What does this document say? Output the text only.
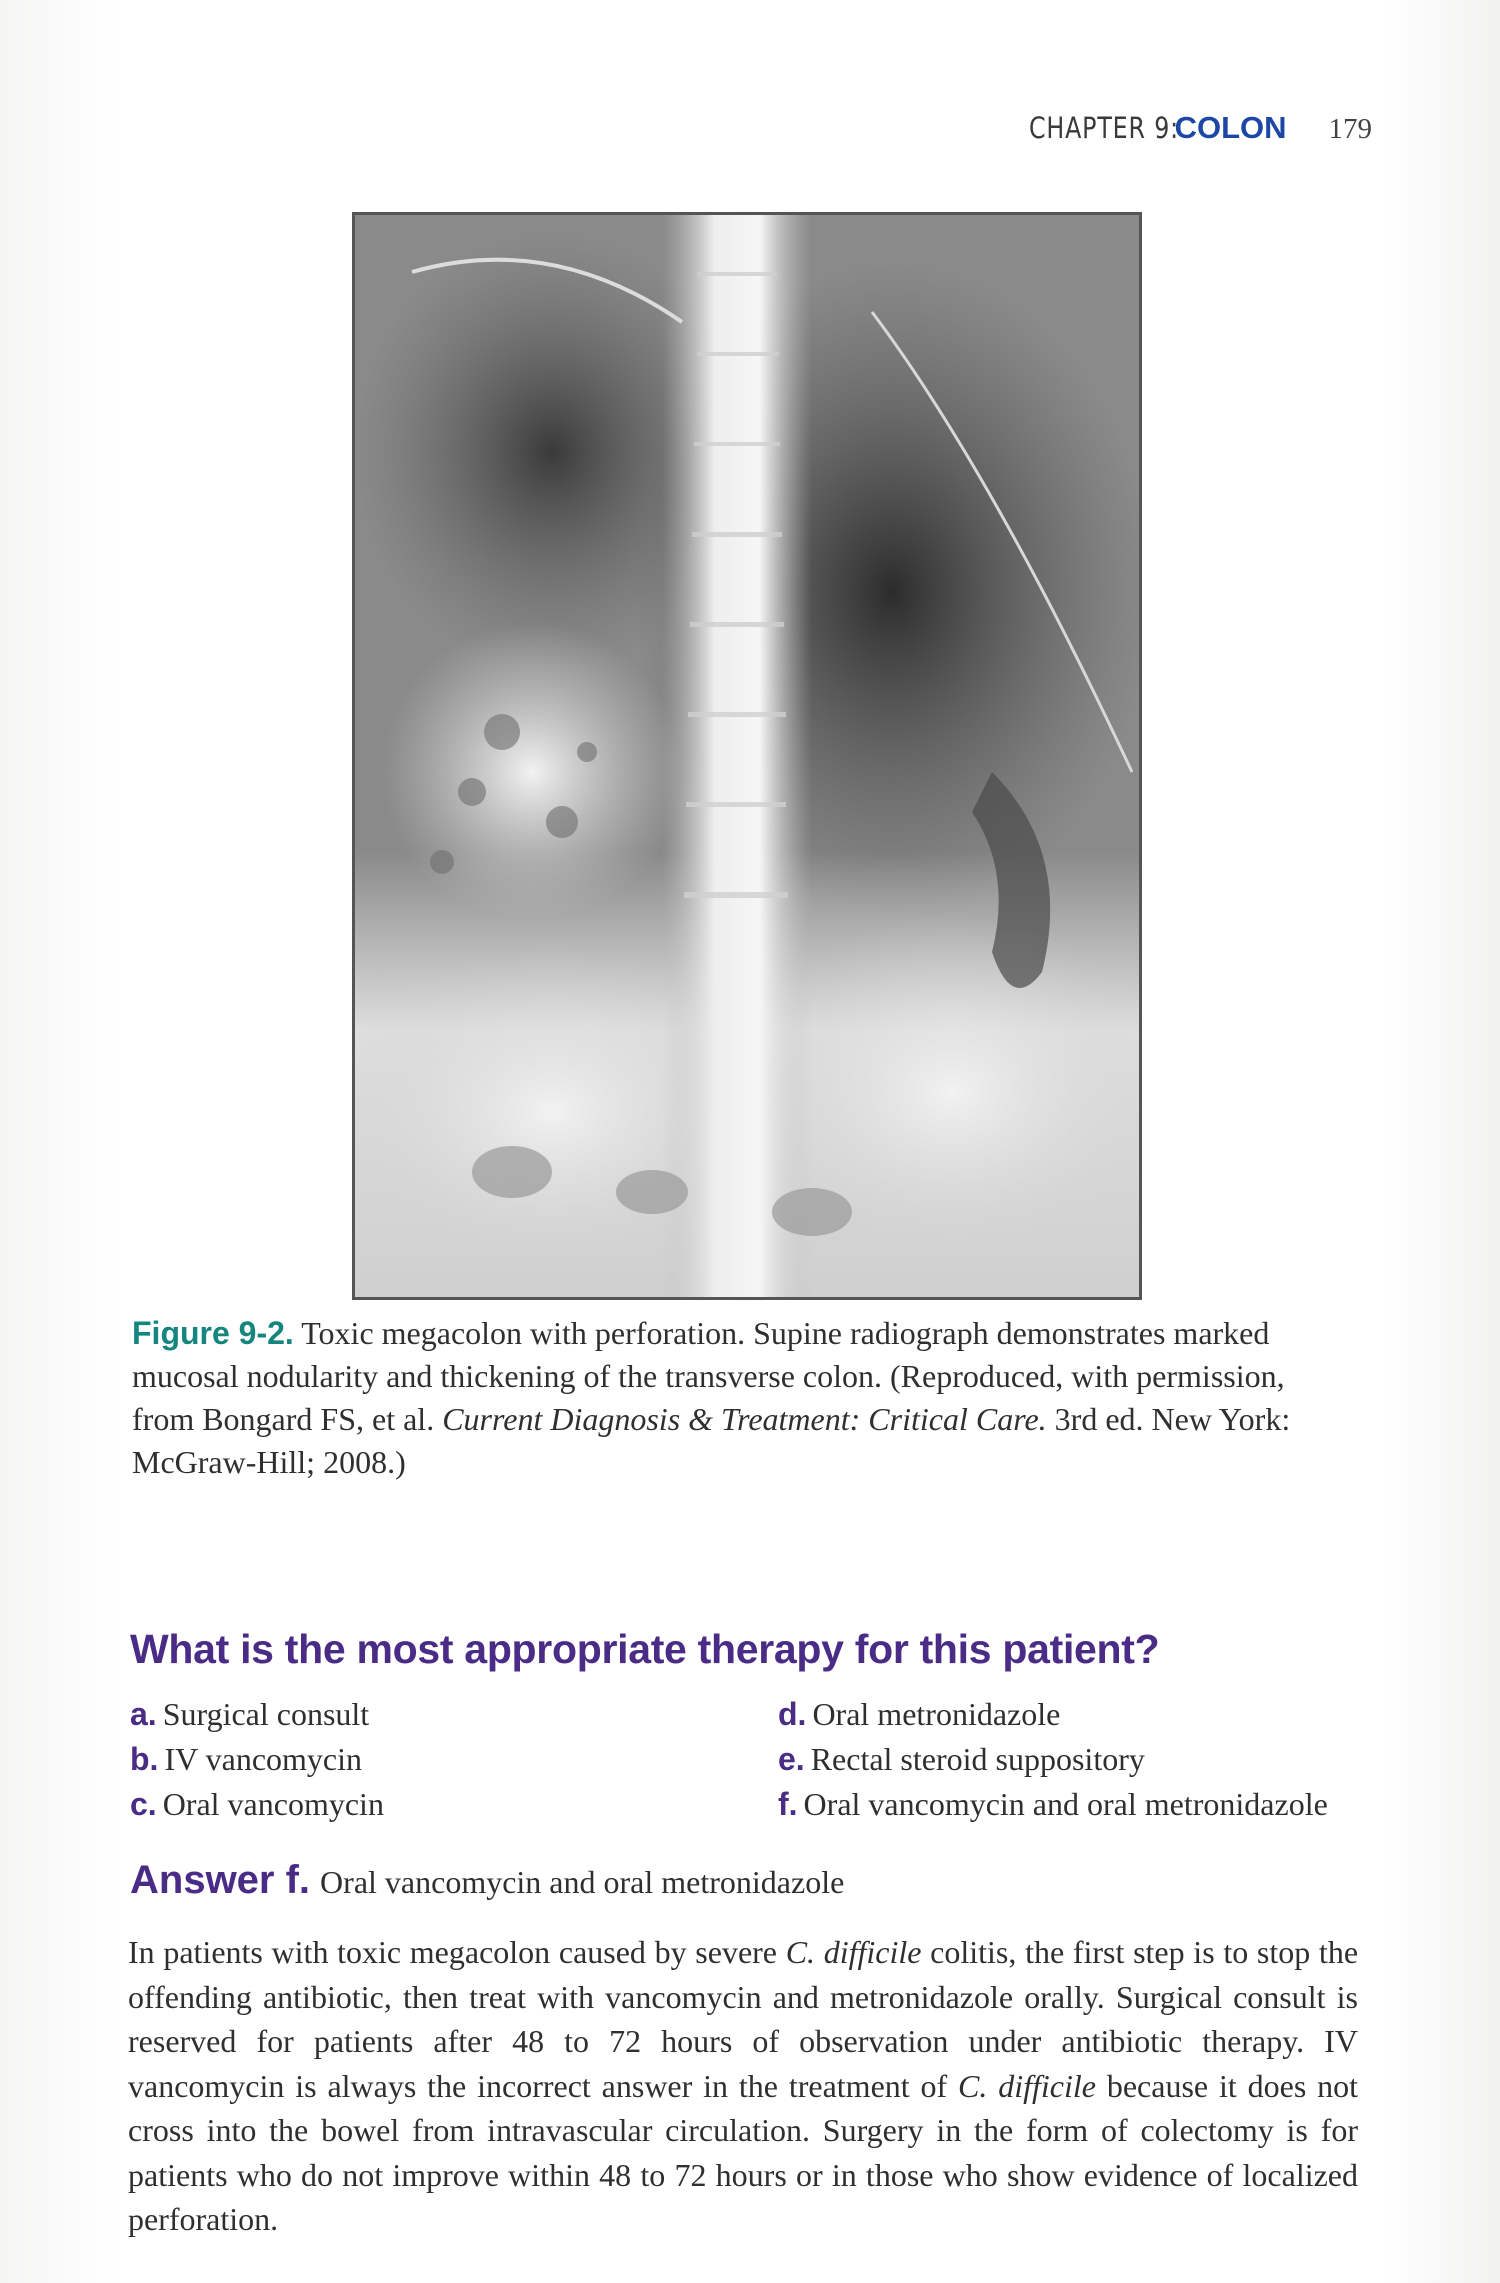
CHAPTER 9:
COLON 179
Figure 9-2. Toxic megacolon with perforation. Supine radiograph demonstrates marked mucosal nodularity and thickening of the transverse colon. (Reproduced, with permission, from Bongard FS, et al. Current Diagnosis & Treatment: Critical Care. 3rd ed. New York: McGraw-Hill; 2008.)
What is the most appropriate therapy for this patient?
a. Surgical consult
b. IV vancomycin
c. Oral vancomycin
d. Oral metronidazole
e. Rectal steroid suppository
f. Oral vancomycin and oral metronidazole
Answer f. Oral vancomycin and oral metronidazole
In patients with toxic megacolon caused by severe C. difficile colitis, the first step is to stop the offending antibiotic, then treat with vancomycin and metronidazole orally. Surgical consult is reserved for patients after 48 to 72 hours of observation under antibiotic therapy. IV vancomycin is always the incorrect answer in the treatment of C. difficile because it does not cross into the bowel from intravascular circulation. Surgery in the form of colectomy is for patients who do not improve within 48 to 72 hours or in those who show evidence of localized perforation.
